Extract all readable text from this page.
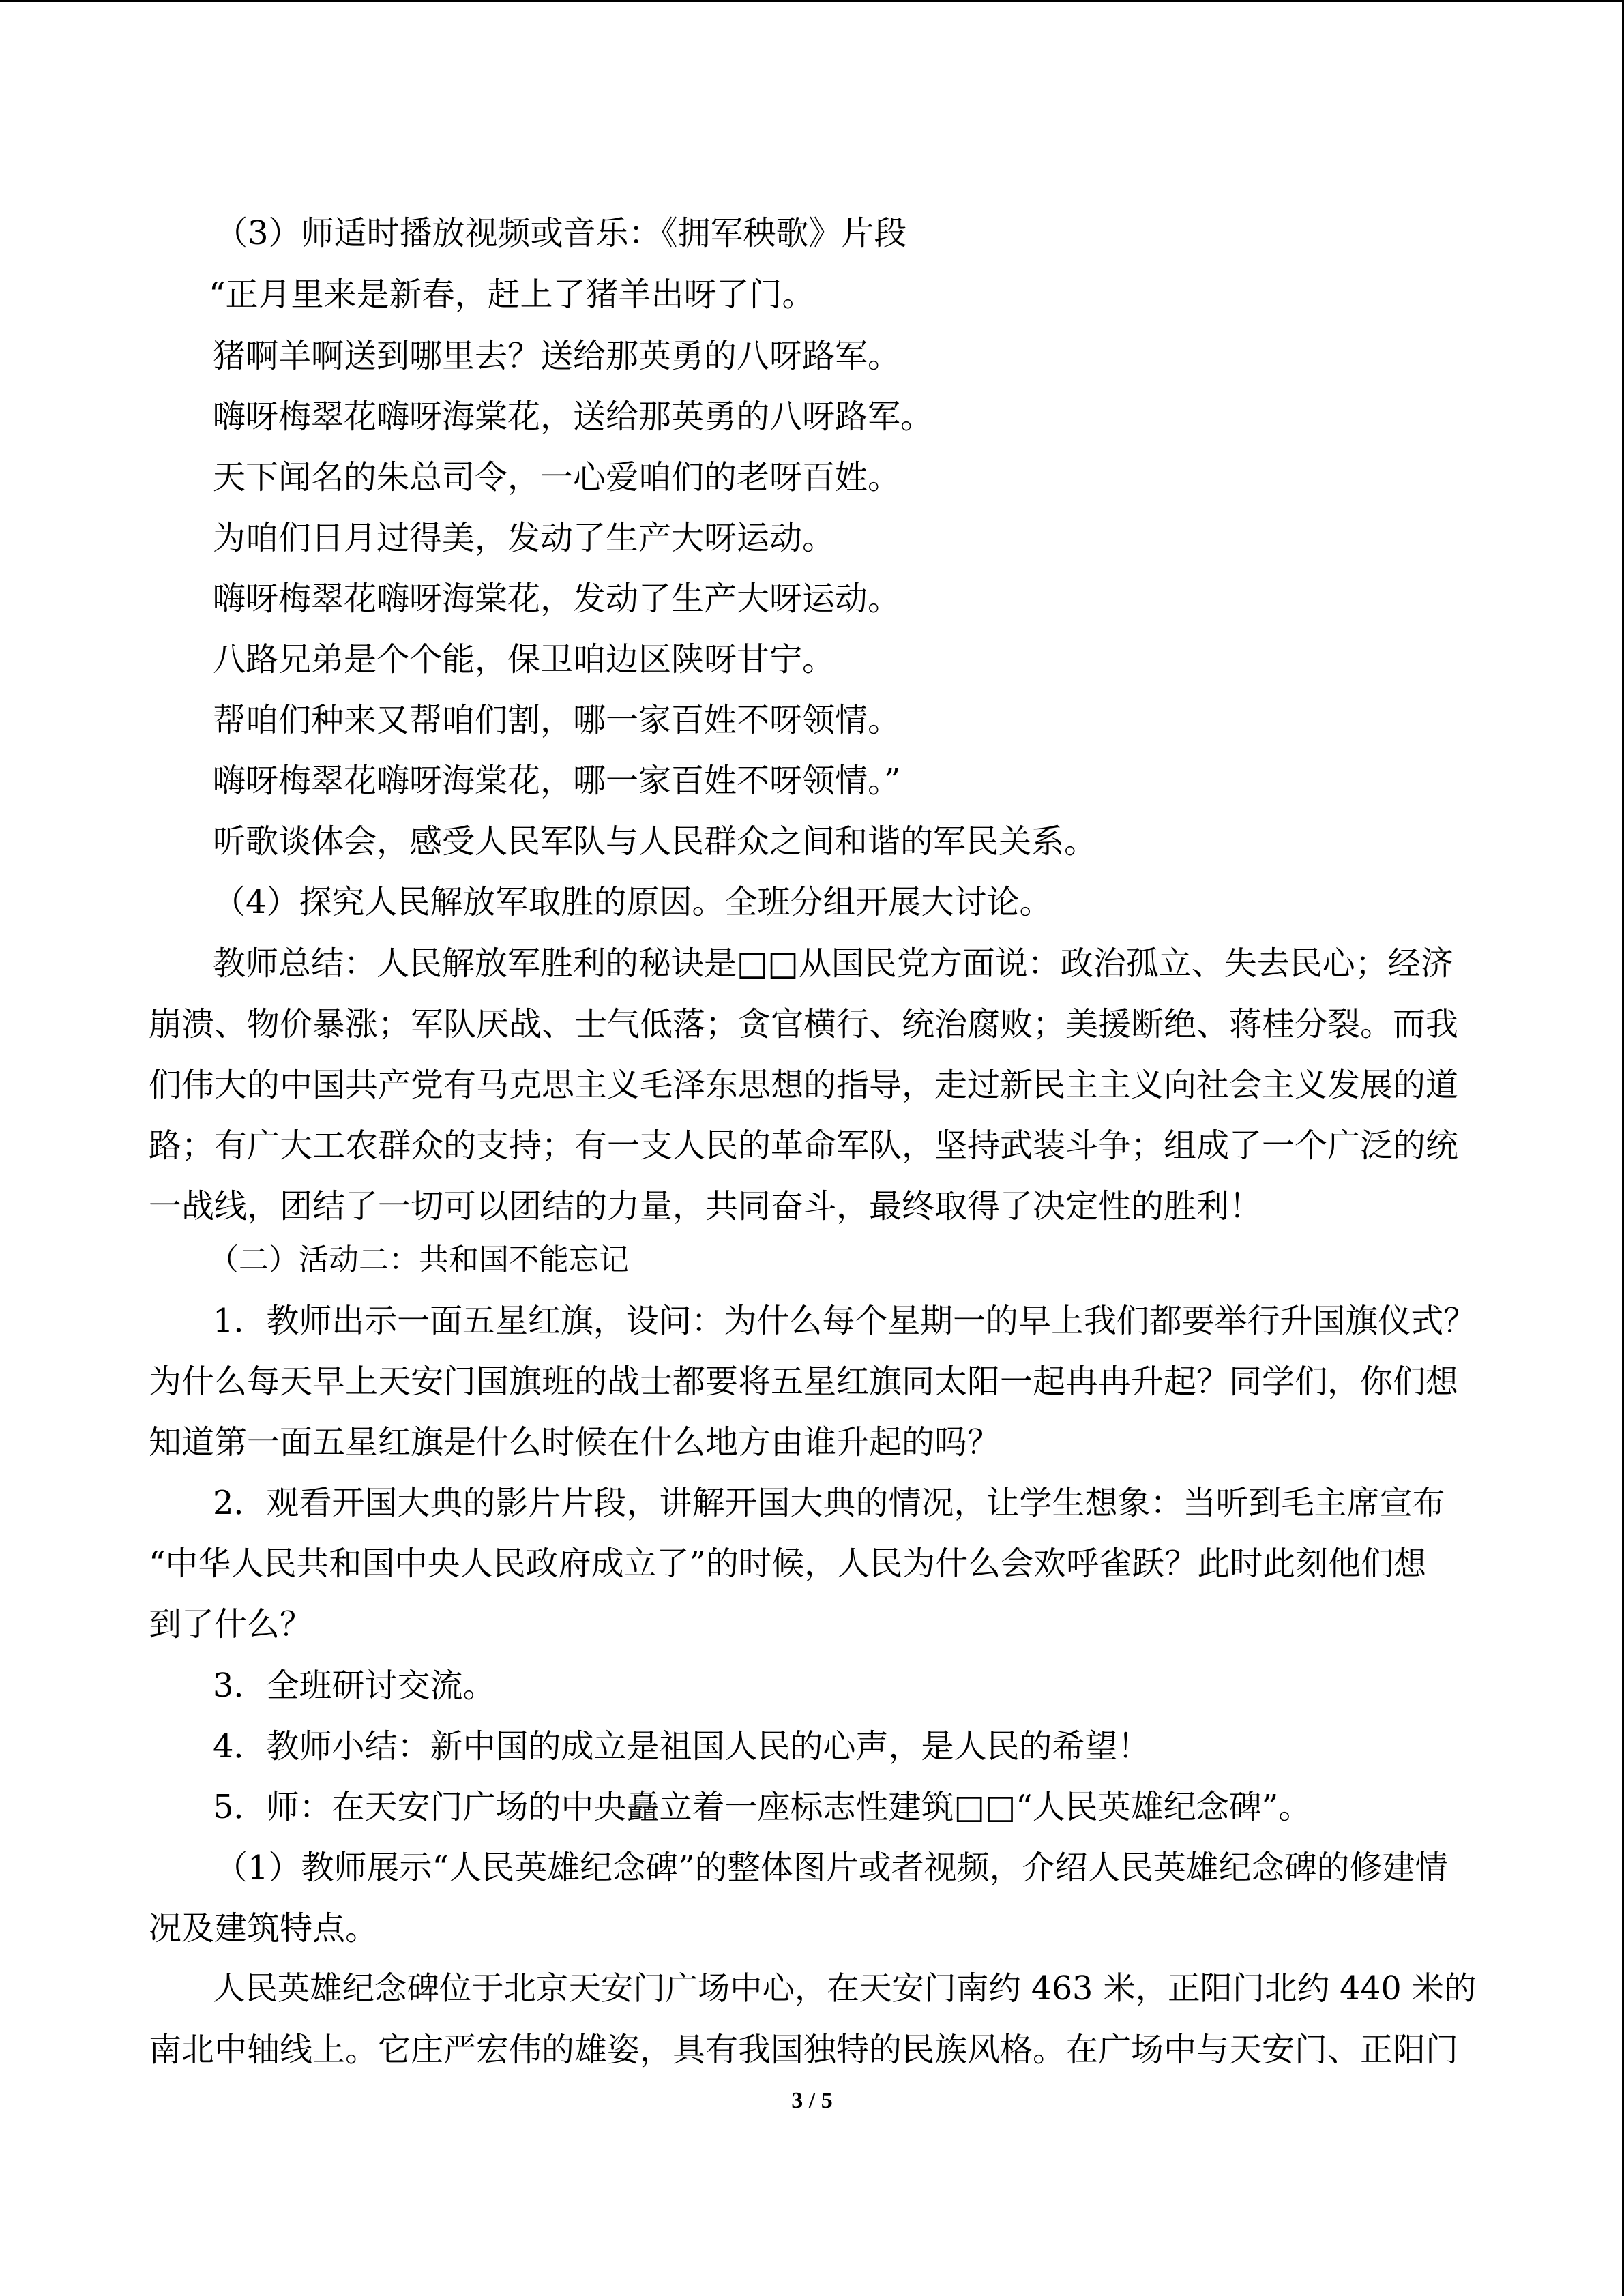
（3）师适时播放视频或音乐：《拥军秧歌》片段
“正月里来是新春，赶上了猪羊出呀了门。
猪啊羊啊送到哪里去？送给那英勇的八呀路军。
嗨呀梅翠花嗨呀海棠花，送给那英勇的八呀路军。
天下闻名的朱总司令，一心爱咱们的老呀百姓。
为咱们日月过得美，发动了生产大呀运动。
嗨呀梅翠花嗨呀海棠花，发动了生产大呀运动。
八路兄弟是个个能，保卫咱边区陕呀甘宁。
帮咱们种来又帮咱们割，哪一家百姓不呀领情。
嗨呀梅翠花嗨呀海棠花，哪一家百姓不呀领情。”
听歌谈体会，感受人民军队与人民群众之间和谐的军民关系。
（4）探究人民解放军取胜的原因。全班分组开展大讨论。
教师总结：人民解放军胜利的秘诀是□□从国民党方面说：政治孤立、失去民心；经济
崩溃、物价暴涨；军队厌战、士气低落；贪官横行、统治腐败；美援断绝、蒋桂分裂。而我
们伟大的中国共产党有马克思主义毛泽东思想的指导，走过新民主主义向社会主义发展的道
路；有广大工农群众的支持；有一支人民的革命军队，坚持武装斗争；组成了一个广泛的统
一战线，团结了一切可以团结的力量，共同奋斗，最终取得了决定性的胜利！
（二）活动二：共和国不能忘记
1．教师出示一面五星红旗，设问：为什么每个星期一的早上我们都要举行升国旗仪式？
为什么每天早上天安门国旗班的战士都要将五星红旗同太阳一起冉冉升起？同学们，你们想
知道第一面五星红旗是什么时候在什么地方由谁升起的吗？
2．观看开国大典的影片片段，讲解开国大典的情况，让学生想象：当听到毛主席宣布
“中华人民共和国中央人民政府成立了”的时候，人民为什么会欢呼雀跃？此时此刻他们想
到了什么？
3．全班研讨交流。
4．教师小结：新中国的成立是祖国人民的心声，是人民的希望！
5．师：在天安门广场的中央矗立着一座标志性建筑□□“人民英雄纪念碑”。
（1）教师展示“人民英雄纪念碑”的整体图片或者视频，介绍人民英雄纪念碑的修建情
况及建筑特点。
人民英雄纪念碑位于北京天安门广场中心，在天安门南约 463 米，正阳门北约 440 米的
南北中轴线上。它庄严宏伟的雄姿，具有我国独特的民族风格。在广场中与天安门、正阳门
3 / 5
